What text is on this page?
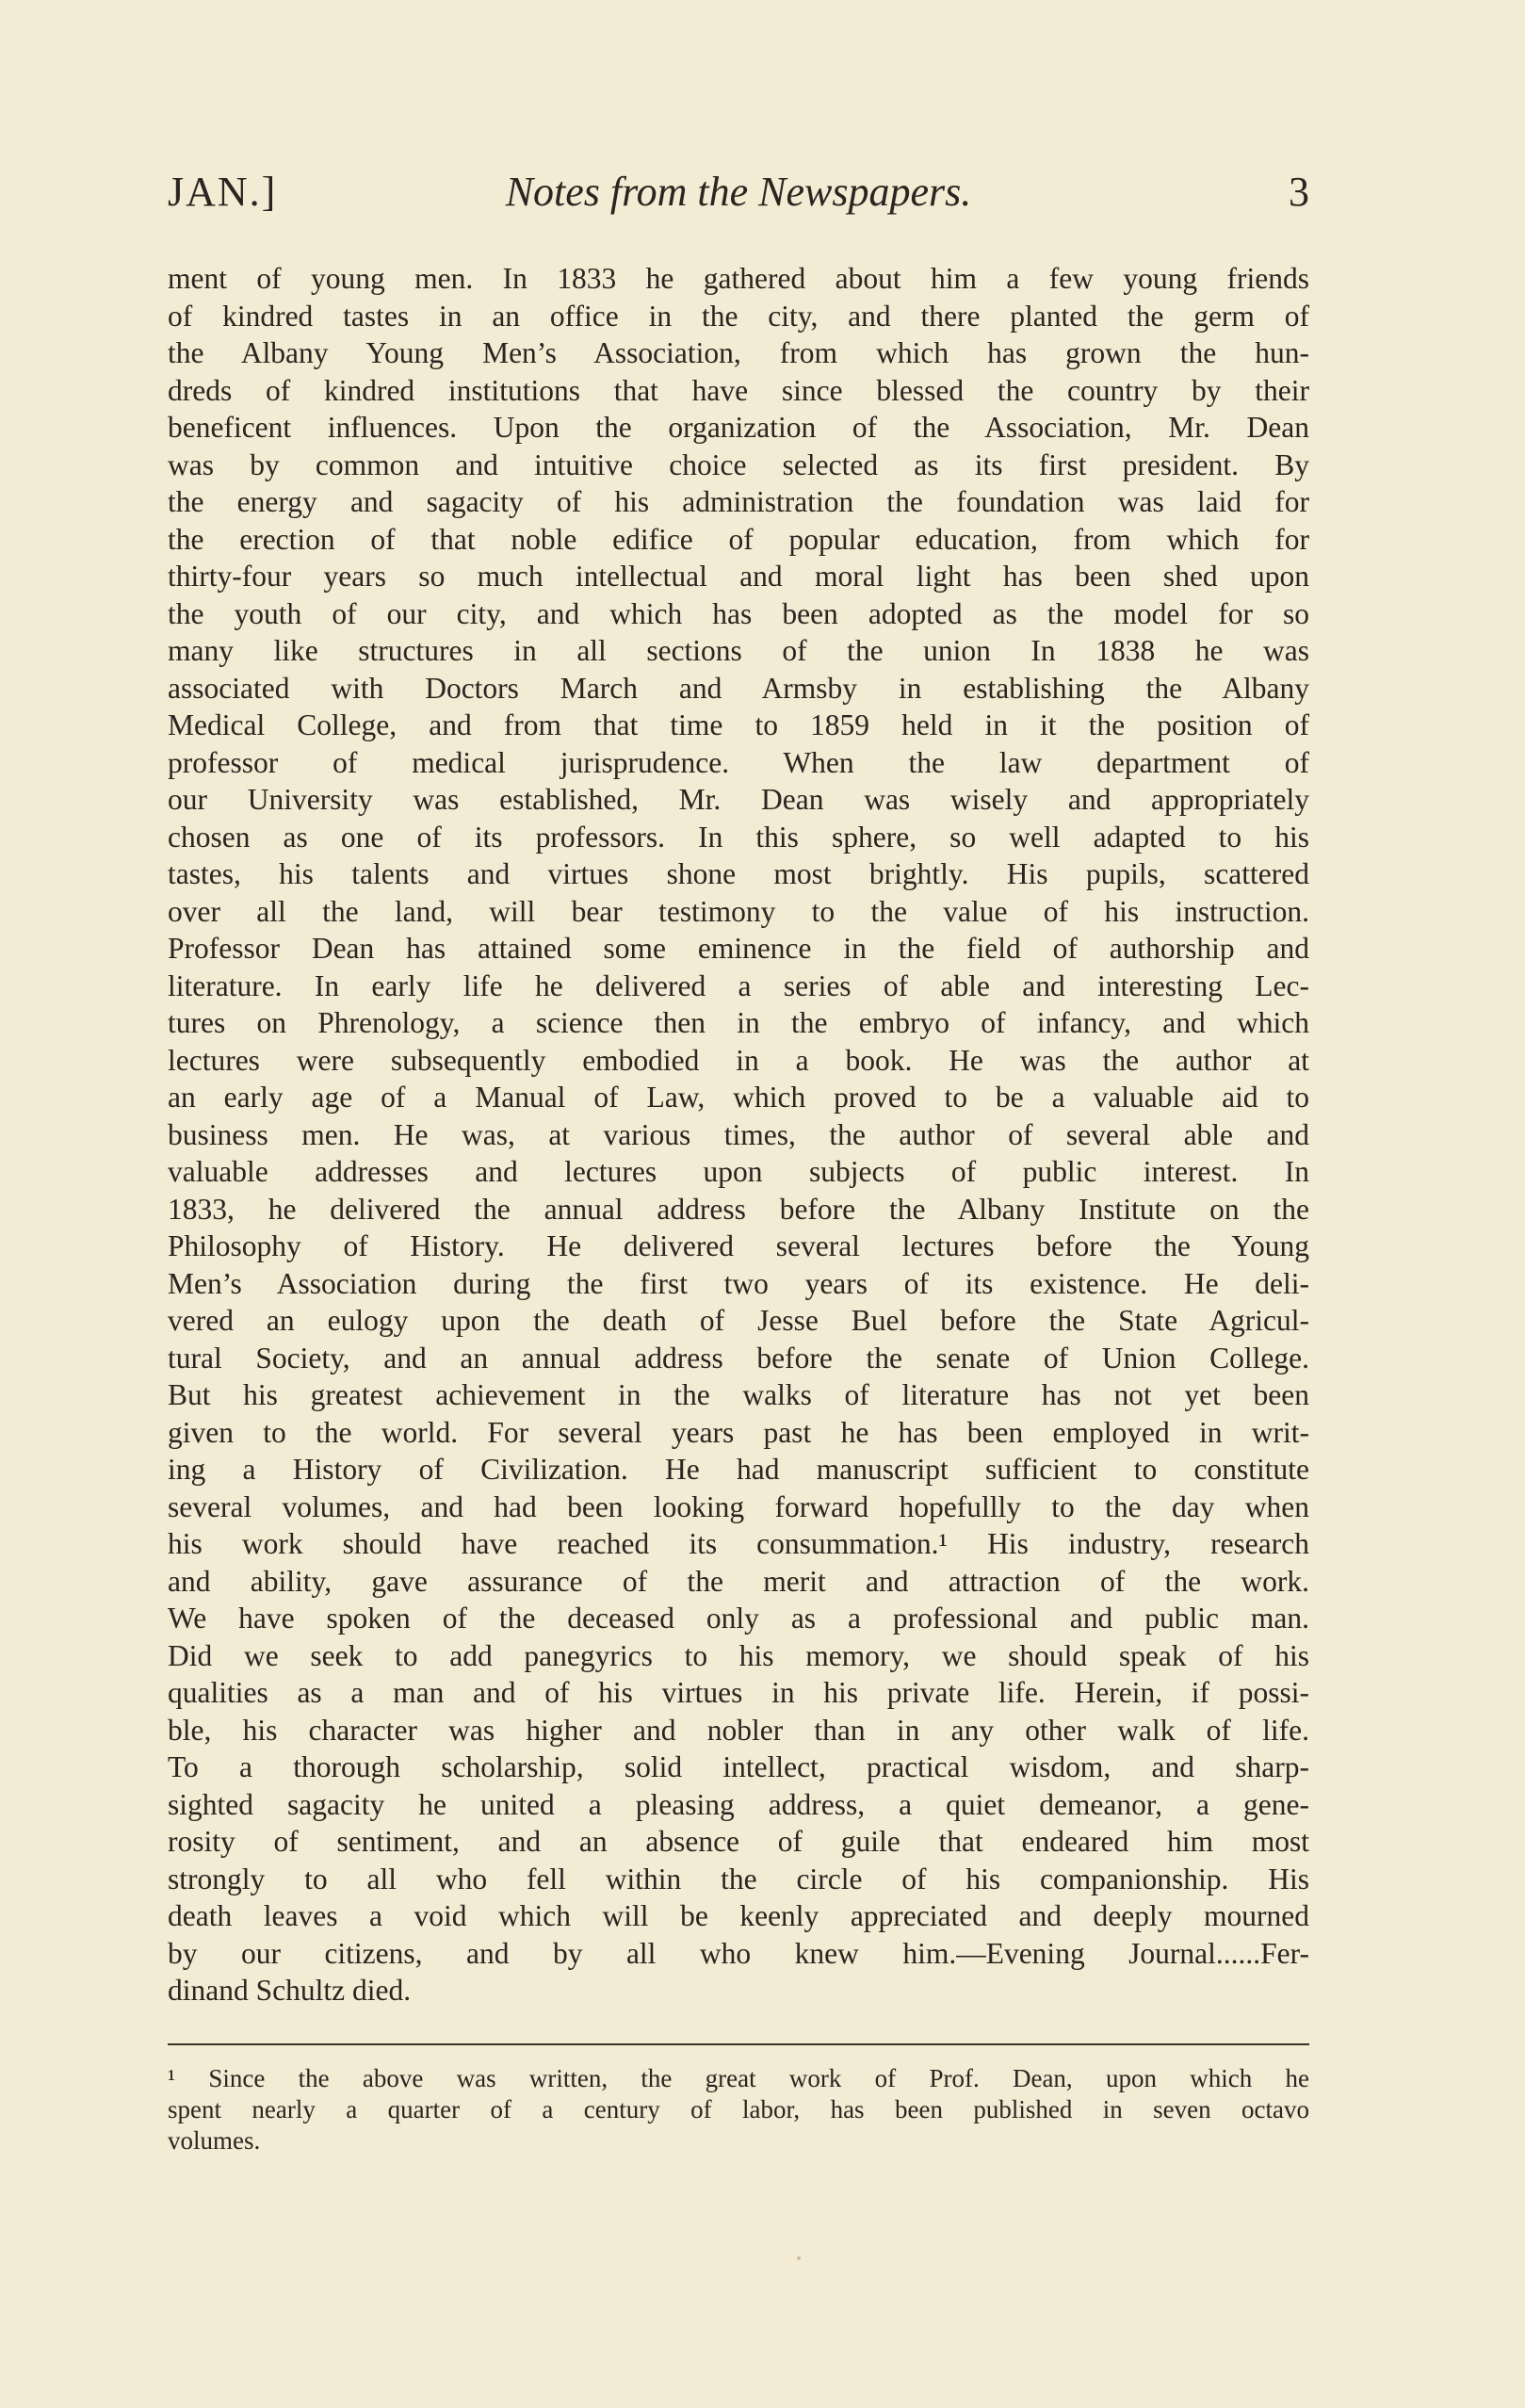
JAN.]	Notes from the Newspapers.	3
ment of young men. In 1833 he gathered about him a few young friends
of kindred tastes in an office in the city, and there planted the germ of
the Albany Young Men’s Association, from which has grown the hun-
dreds of kindred institutions that have since blessed the country by their
beneficent influences. Upon the organization of the Association, Mr. Dean
was by common and intuitive choice selected as its first president. By
the energy and sagacity of his administration the foundation was laid for
the erection of that noble edifice of popular education, from which for
thirty-four years so much intellectual and moral light has been shed upon
the youth of our city, and which has been adopted as the model for so
many like structures in all sections of the union In 1838 he was
associated with Doctors March and Armsby in establishing the Albany
Medical College, and from that time to 1859 held in it the position of
professor of medical jurisprudence. When the law department of
our University was established, Mr. Dean was wisely and appropriately
chosen as one of its professors. In this sphere, so well adapted to his
tastes, his talents and virtues shone most brightly. His pupils, scattered
over all the land, will bear testimony to the value of his instruction.
Professor Dean has attained some eminence in the field of authorship and
literature. In early life he delivered a series of able and interesting Lec-
tures on Phrenology, a science then in the embryo of infancy, and which
lectures were subsequently embodied in a book. He was the author at
an early age of a Manual of Law, which proved to be a valuable aid to
business men. He was, at various times, the author of several able and
valuable addresses and lectures upon subjects of public interest. In
1833, he delivered the annual address before the Albany Institute on the
Philosophy of History. He delivered several lectures before the Young
Men’s Association during the first two years of its existence. He deli-
vered an eulogy upon the death of Jesse Buel before the State Agricul-
tural Society, and an annual address before the senate of Union College.
But his greatest achievement in the walks of literature has not yet been
given to the world. For several years past he has been employed in writ-
ing a History of Civilization. He had manuscript sufficient to constitute
several volumes, and had been looking forward hopefullly to the day when
his work should have reached its consummation.¹ His industry, research
and ability, gave assurance of the merit and attraction of the work.
We have spoken of the deceased only as a professional and public man.
Did we seek to add panegyrics to his memory, we should speak of his
qualities as a man and of his virtues in his private life. Herein, if possi-
ble, his character was higher and nobler than in any other walk of life.
To a thorough scholarship, solid intellect, practical wisdom, and sharp-
sighted sagacity he united a pleasing address, a quiet demeanor, a gene-
rosity of sentiment, and an absence of guile that endeared him most
strongly to all who fell within the circle of his companionship. His
death leaves a void which will be keenly appreciated and deeply mourned
by our citizens, and by all who knew him.—Evening Journal......Fer-
dinand Schultz died.
¹ Since the above was written, the great work of Prof. Dean, upon which he
spent nearly a quarter of a century of labor, has been published in seven octavo
volumes.
